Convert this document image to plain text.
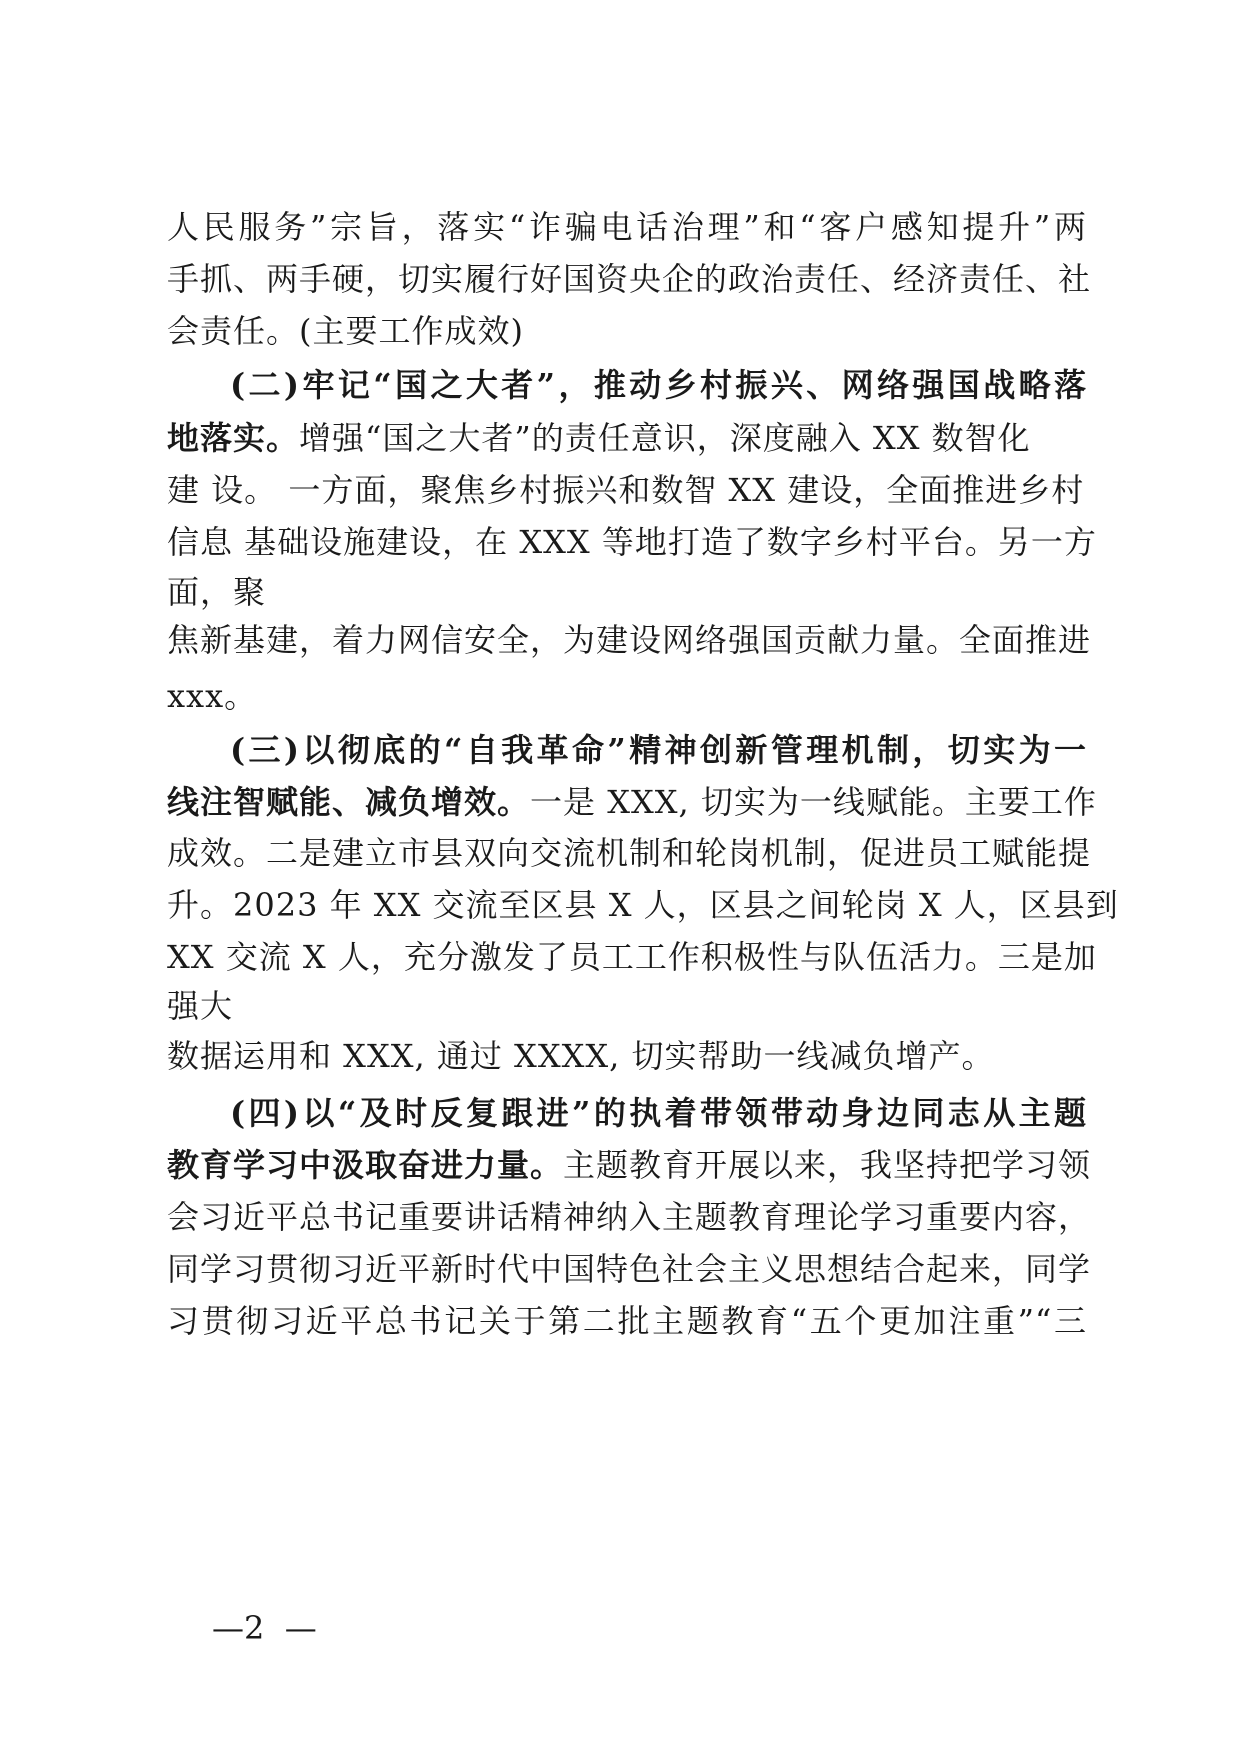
人民服务”宗旨，落实“诈骗电话治理”和“客户感知提升”两
手抓、两手硬，切实履行好国资央企的政治责任、经济责任、社
会责任。(主要工作成效)
(二)牢记“国之大者”，推动乡村振兴、网络强国战略落
地落实。增强“国之大者”的责任意识，深度融入 XX 数智化
建 设。 一方面，聚焦乡村振兴和数智 XX 建设，全面推进乡村
信息 基础设施建设，在 XXX 等地打造了数字乡村平台。另一方
面，聚
焦新基建，着力网信安全，为建设网络强国贡献力量。全面推进
xxx。
(三)以彻底的“自我革命”精神创新管理机制，切实为一
线注智赋能、减负增效。一是 XXX, 切实为一线赋能。主要工作
成效。二是建立市县双向交流机制和轮岗机制，促进员工赋能提
升。2023 年 XX 交流至区县 X 人，区县之间轮岗 X 人，区县到
XX 交流 X 人，充分激发了员工工作积极性与队伍活力。三是加
强大
数据运用和 XXX, 通过 XXXX, 切实帮助一线减负增产。
(四)以“及时反复跟进”的执着带领带动身边同志从主题
教育学习中汲取奋进力量。主题教育开展以来，我坚持把学习领
会习近平总书记重要讲话精神纳入主题教育理论学习重要内容，
同学习贯彻习近平新时代中国特色社会主义思想结合起来，同学
习贯彻习近平总书记关于第二批主题教育“五个更加注重”“三
—2  —
